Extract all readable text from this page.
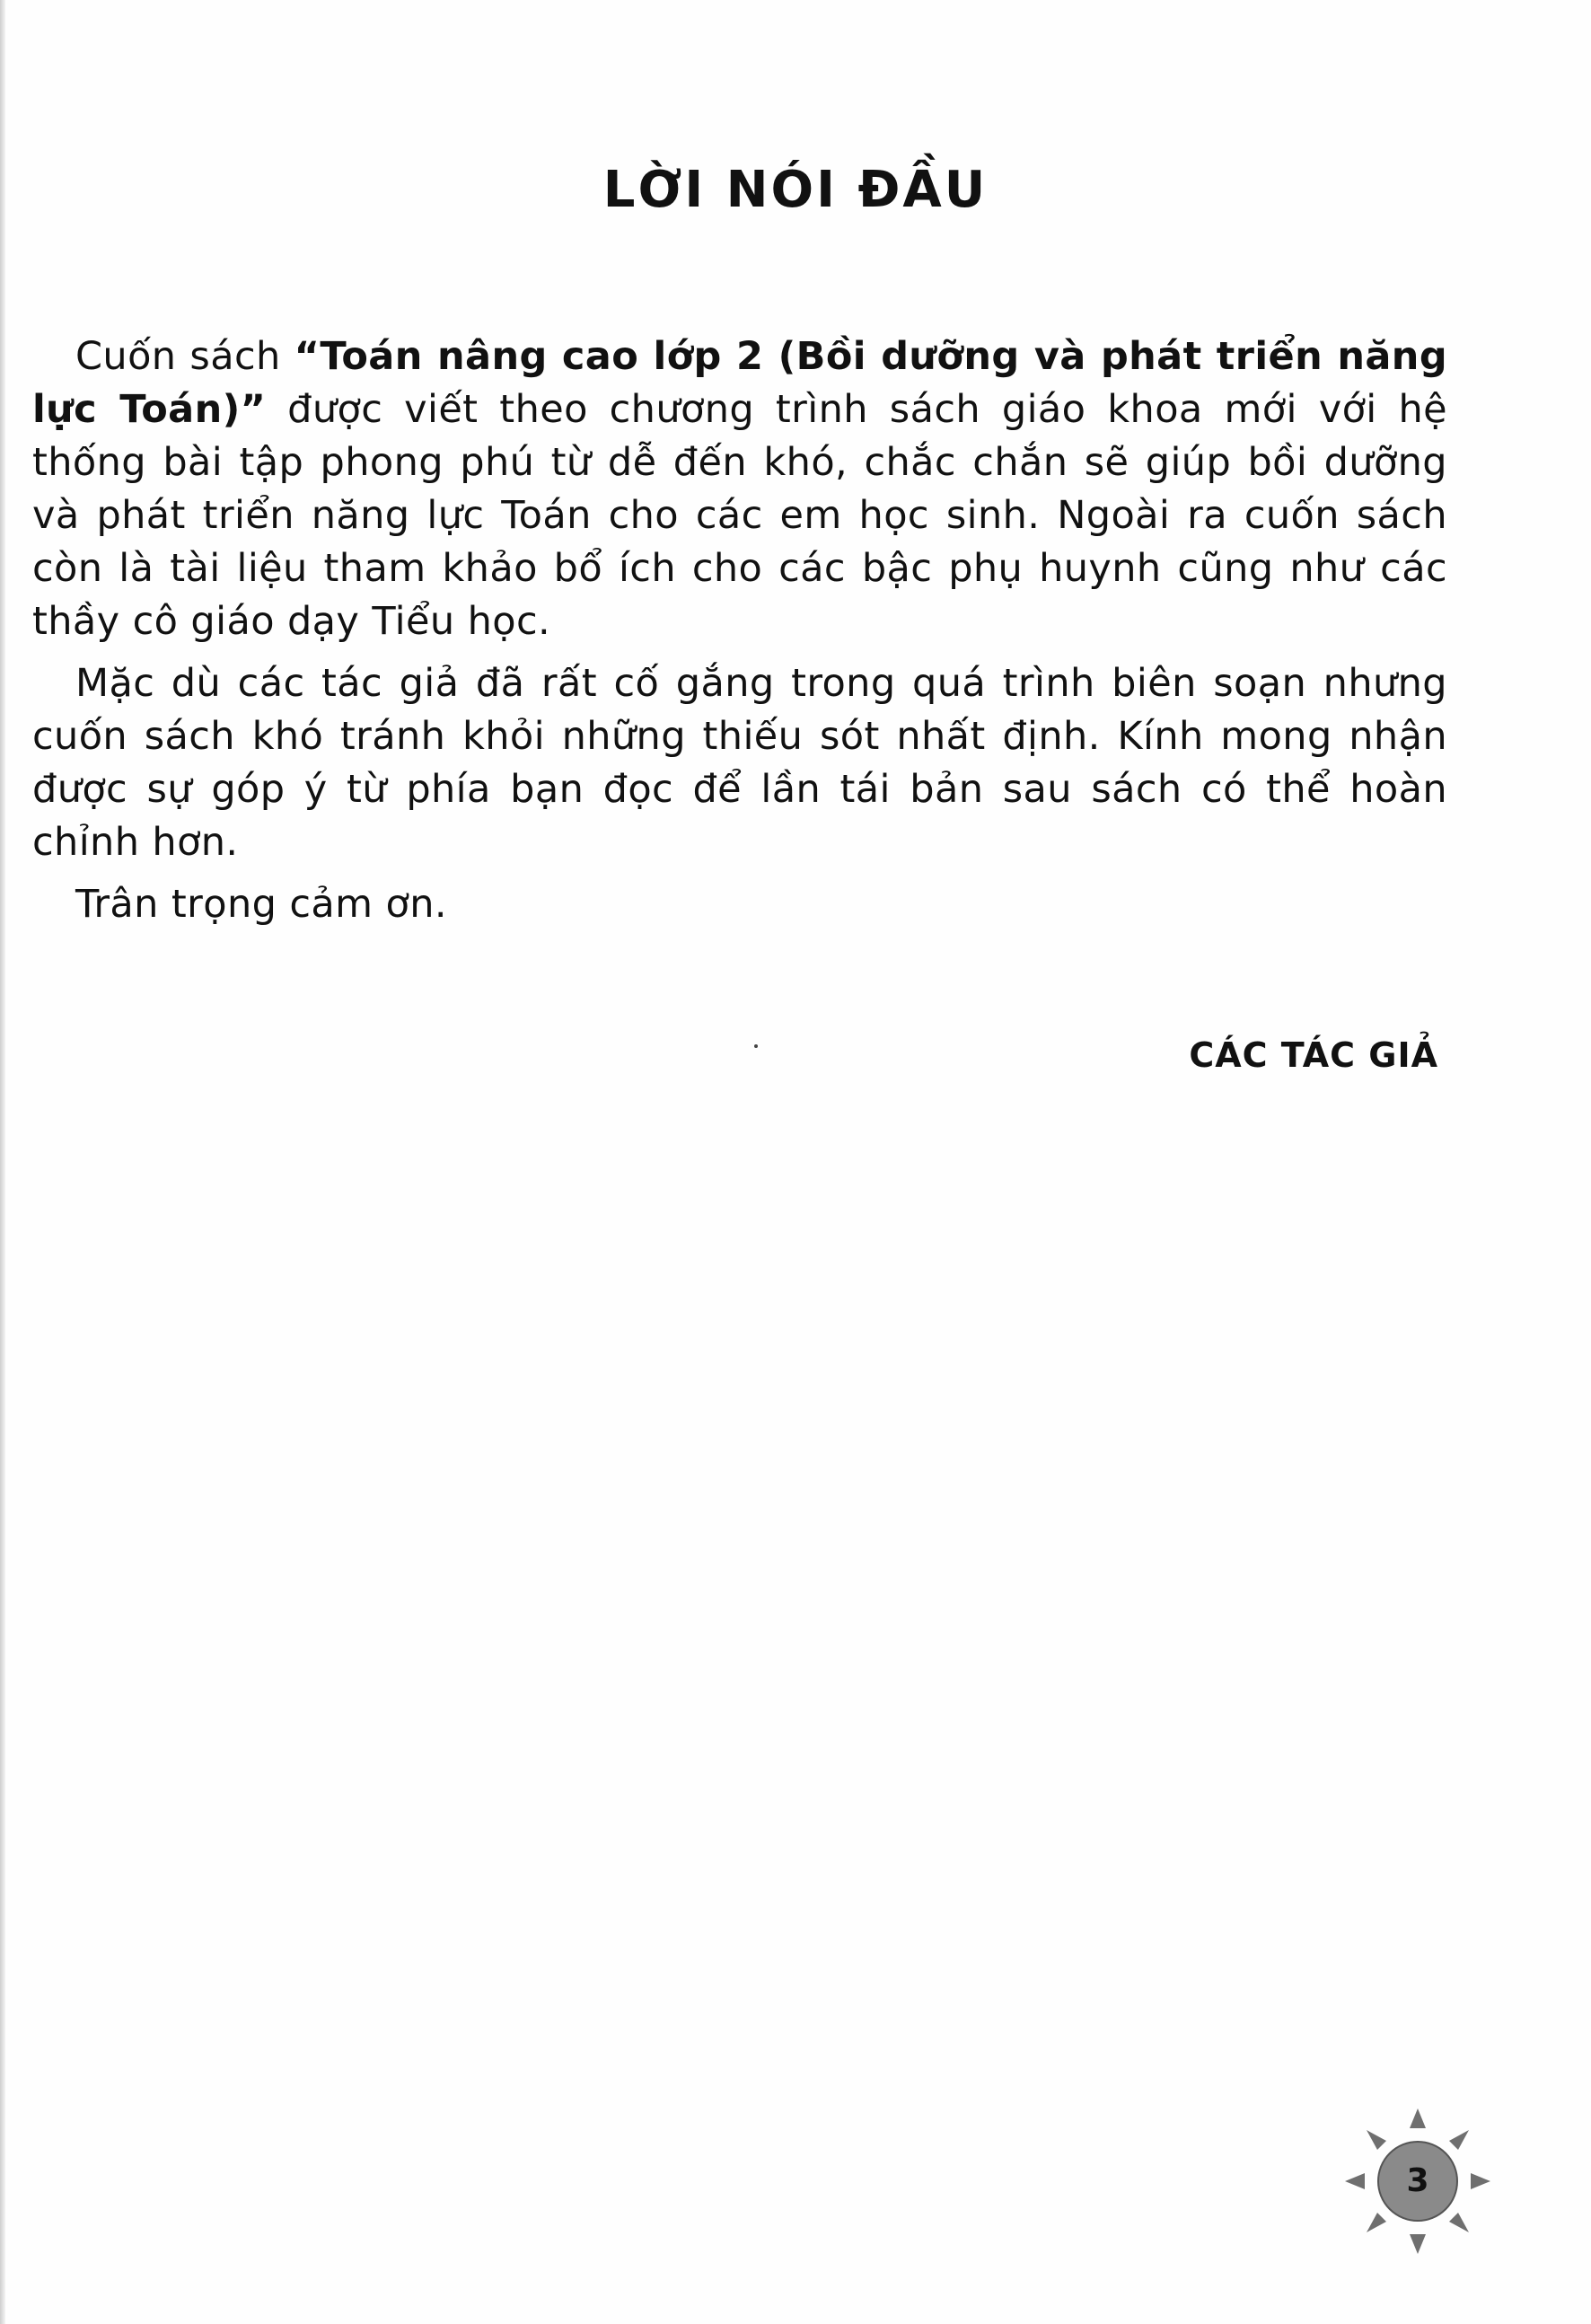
LỜI NÓI ĐẦU

Cuốn sách “Toán nâng cao lớp 2 (Bồi dưỡng và phát triển năng lực Toán)” được viết theo chương trình sách giáo khoa mới với hệ thống bài tập phong phú từ dễ đến khó, chắc chắn sẽ giúp bồi dưỡng và phát triển năng lực Toán cho các em học sinh. Ngoài ra cuốn sách còn là tài liệu tham khảo bổ ích cho các bậc phụ huynh cũng như các thầy cô giáo dạy Tiểu học.

Mặc dù các tác giả đã rất cố gắng trong quá trình biên soạn nhưng cuốn sách khó tránh khỏi những thiếu sót nhất định. Kính mong nhận được sự góp ý từ phía bạn đọc để lần tái bản sau sách có thể hoàn chỉnh hơn.

Trân trọng cảm ơn.

CÁC TÁC GIẢ

3
